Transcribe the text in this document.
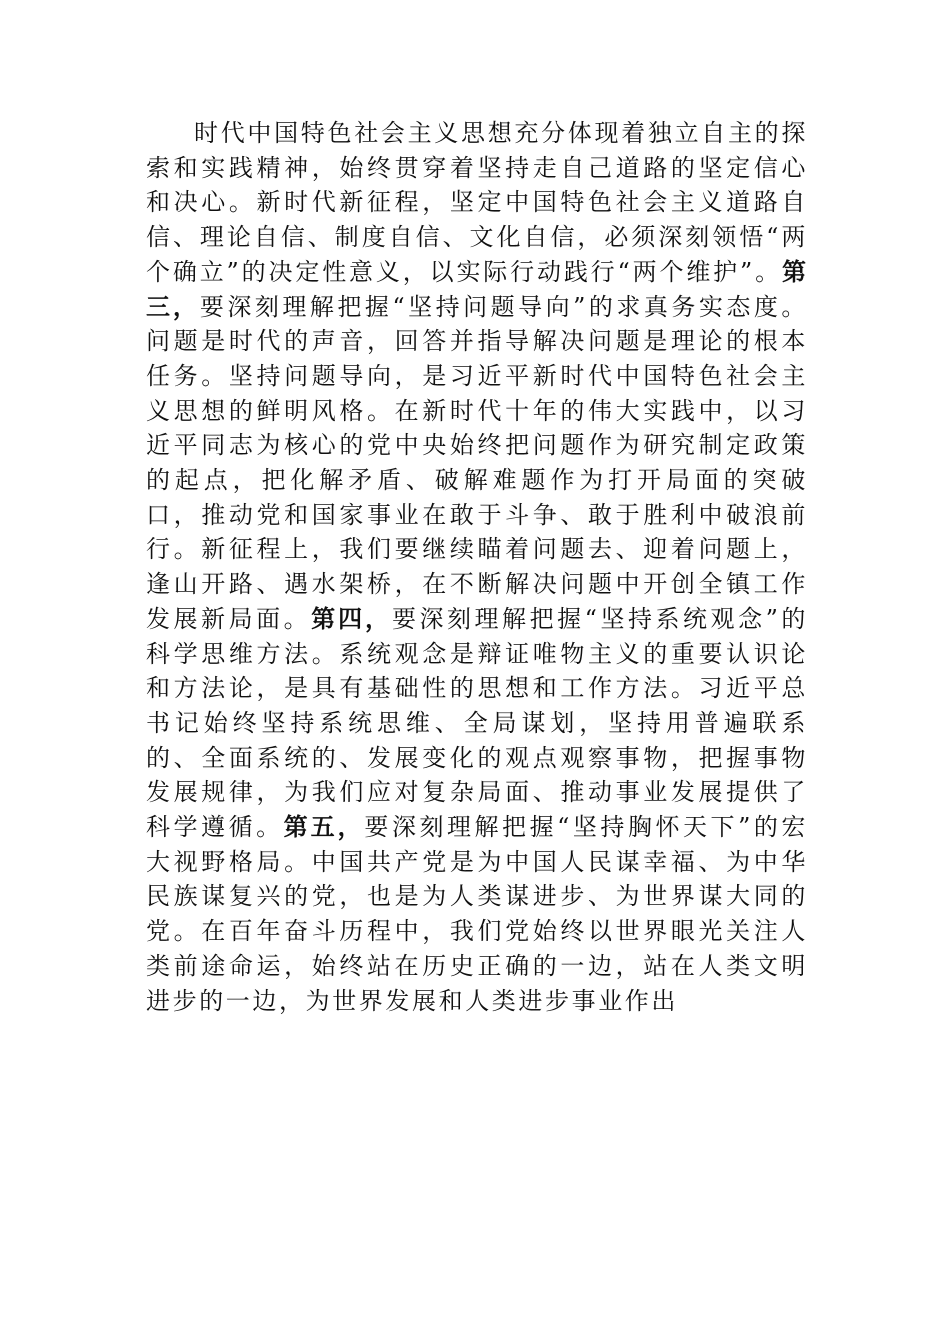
时代中国特色社会主义思想充分体现着独立自主的探索和实践精神，始终贯穿着坚持走自己道路的坚定信心和决心。新时代新征程，坚定中国特色社会主义道路自信、理论自信、制度自信、文化自信，必须深刻领悟“两个确立”的决定性意义，以实际行动践行“两个维护”。第三，要深刻理解把握“坚持问题导向”的求真务实态度。问题是时代的声音，回答并指导解决问题是理论的根本任务。坚持问题导向，是习近平新时代中国特色社会主义思想的鲜明风格。在新时代十年的伟大实践中，以习近平同志为核心的党中央始终把问题作为研究制定政策的起点，把化解矛盾、破解难题作为打开局面的突破口，推动党和国家事业在敢于斗争、敢于胜利中破浪前行。新征程上，我们要继续瞄着问题去、迎着问题上，逢山开路、遇水架桥，在不断解决问题中开创全镇工作发展新局面。第四，要深刻理解把握“坚持系统观念”的科学思维方法。系统观念是辩证唯物主义的重要认识论和方法论，是具有基础性的思想和工作方法。习近平总书记始终坚持系统思维、全局谋划，坚持用普遍联系的、全面系统的、发展变化的观点观察事物，把握事物发展规律，为我们应对复杂局面、推动事业发展提供了科学遵循。第五，要深刻理解把握“坚持胸怀天下”的宏大视野格局。中国共产党是为中国人民谋幸福、为中华民族谋复兴的党，也是为人类谋进步、为世界谋大同的党。在百年奋斗历程中，我们党始终以世界眼光关注人类前途命运，始终站在历史正确的一边，站在人类文明进步的一边，为世界发展和人类进步事业作出
